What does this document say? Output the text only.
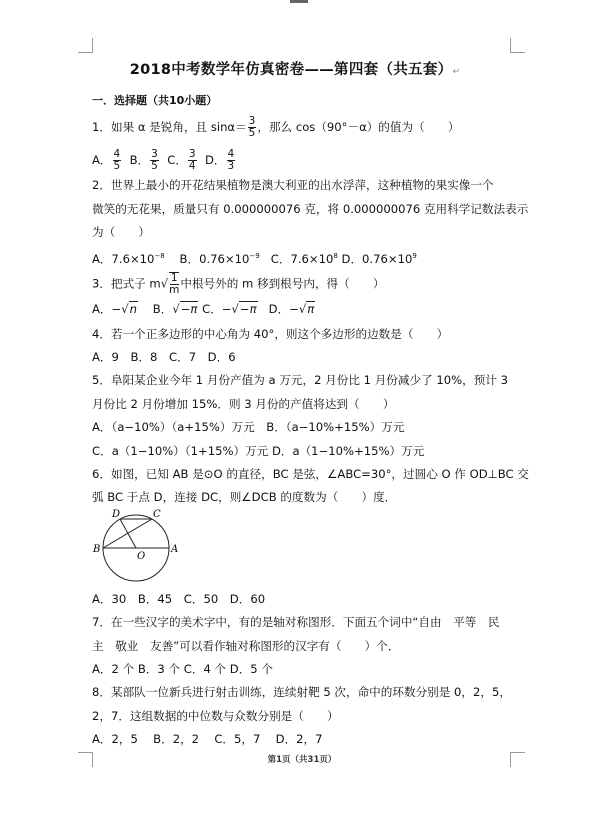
2018中考数学年仿真密卷——第四套（共五套）↵
一．选择题（共10小题）
1．如果 α 是锐角，且 $\sin\alpha= \frac{3}{5}$ ，那么 cos（90°－α）的值为（　　）
A． $\frac{4}{5}$ B． $\frac{3}{5}$ C． $\frac{3}{4}$ D． $\frac{4}{3}$
2．世界上最小的开花结果植物是澳大利亚的出水浮萍，这种植物的果实像一个
微笑的无花果，质量只有 0.000000076 克，将 0.000000076 克用科学记数法表示
为（　　）
A．$7.6\times 10^{-8}$ B．$0.76\times 10^{-9}$ C．$7.6\times 10^8$ D．$0.76\times 10^9$
3．把式子 $m√ \frac{1}{m}$ 中根号外的 m 移到根号内，得（　　）
A．−√n B．√−π C．−√−π D．−√π
4．若一个正多边形的中心角为 40°，则这个多边形的边数是（　　）
A．9　B．8　C．7　D．6
5．阜阳某企业今年 1 月份产值为 a 万元，2 月份比 1 月份减少了 10%，预计 3
月份比 2 月份增加 15%．则 3 月份的产值将达到（　　）
A．（a−10%）（a+15%）万元　B．（a−10%+15%）万元
C．a（1−10%）（1+15%）万元 D．a（1−10%+15%）万元
6．如图，已知 AB 是⊙O 的直径，BC 是弦，∠ABC=30°，过圆心 O 作 OD⊥BC 交
弧 BC 于点 D，连接 DC，则∠DCB 的度数为（　　）度．
D	C
B
O
A
A．30　B．45　C．50　D．60
7．在一些汉字的美术字中，有的是轴对称图形．下面五个词中“自由　平等　民
主　敬业　友善”可以看作轴对称图形的汉字有（　　）个．
A．2 个 B．3 个 C．4 个 D．5 个
8．某部队一位新兵进行射击训练，连续射靶 5 次，命中的环数分别是 0，2，5，
2，7．这组数据的中位数与众数分别是（　　）
A．2，5　 B．2，2　 C．5，7　 D．2，7
第1页（共31页）
